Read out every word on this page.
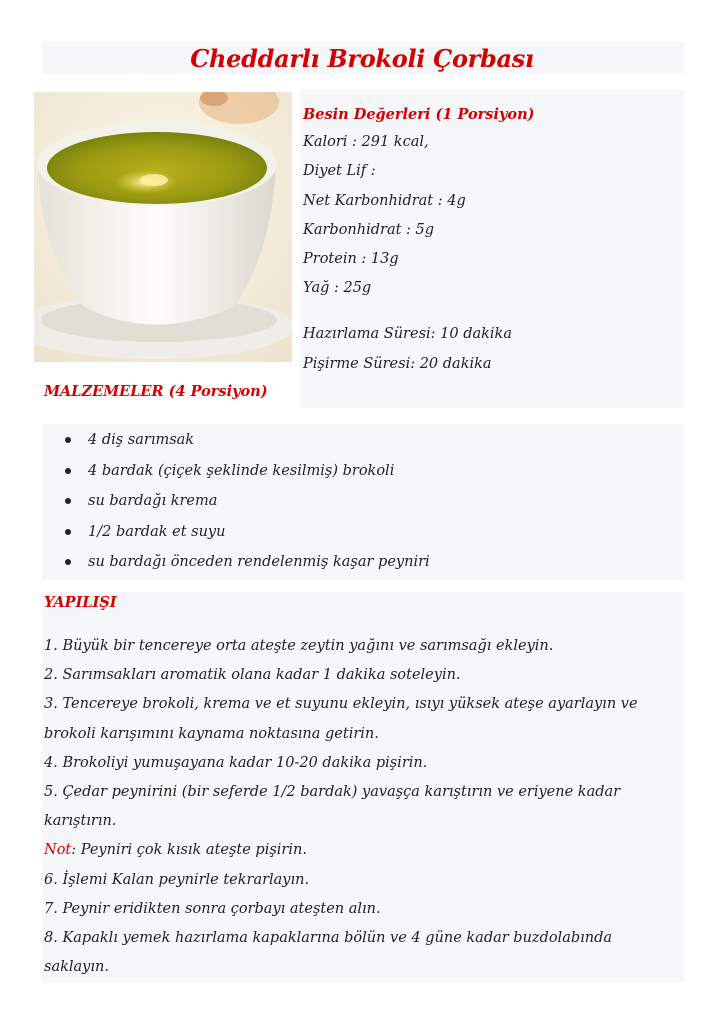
Cheddarlı Brokoli Çorbası
Besin Değerleri (1 Porsiyon)
Kalori : 291 kcal,
Diyet Lif :
Net Karbonhidrat : 4g
Karbonhidrat : 5g
Protein : 13g
Yağ : 25g
Hazırlama Süresi: 10 dakika
Pişirme Süresi: 20 dakika
MALZEMELER (4 Porsiyon)
4 diş sarımsak
4 bardak (çiçek şeklinde kesilmiş) brokoli
su bardağı krema
1/2 bardak et suyu
su bardağı önceden rendelenmiş kaşar peyniri
YAPILIŞI
1. Büyük bir tencereye orta ateşte zeytin yağını ve sarımsağı ekleyin.
2. Sarımsakları aromatik olana kadar 1 dakika soteleyin.
3. Tencereye brokoli, krema ve et suyunu ekleyin, ısıyı yüksek ateşe ayarlayın ve
brokoli karışımını kaynama noktasına getirin.
4. Brokoliyi yumuşayana kadar 10-20 dakika pişirin.
5. Çedar peynirini (bir seferde 1/2 bardak) yavaşça karıştırın ve eriyene kadar
karıştırın.
Not: Peyniri çok kısık ateşte pişirin.
6. İşlemi Kalan peynirle tekrarlayın.
7. Peynir eridikten sonra çorbayı ateşten alın.
8. Kapaklı yemek hazırlama kapaklarına bölün ve 4 güne kadar buzdolabında
saklayın.
